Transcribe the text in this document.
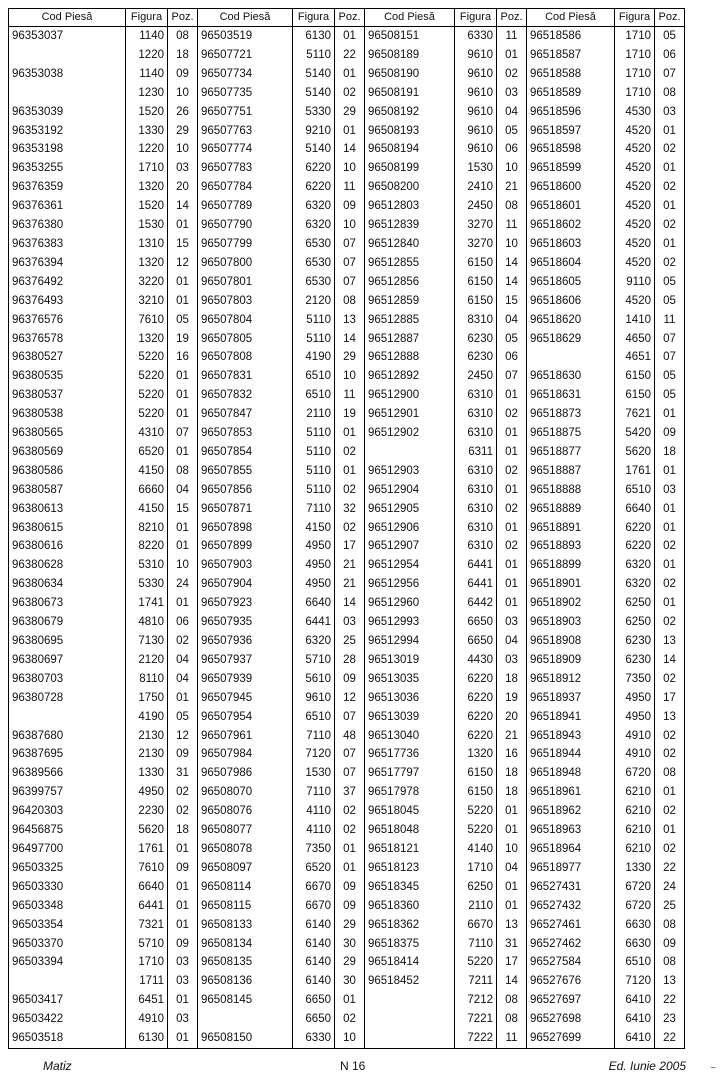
Cod Piesă	Figura	Poz.	Cod Piesă	Figura	Poz.	Cod Piesă	Figura	Poz.	Cod Piesă	Figura	Poz.
96353037	1140	08	96503519	6130	01	96508151	6330	11	96518586	1710	05
	1220	18	96507721	5110	22	96508189	9610	01	96518587	1710	06
96353038	1140	09	96507734	5140	01	96508190	9610	02	96518588	1710	07
	1230	10	96507735	5140	02	96508191	9610	03	96518589	1710	08
96353039	1520	26	96507751	5330	29	96508192	9610	04	96518596	4530	03
96353192	1330	29	96507763	9210	01	96508193	9610	05	96518597	4520	01
96353198	1220	10	96507774	5140	14	96508194	9610	06	96518598	4520	02
96353255	1710	03	96507783	6220	10	96508199	1530	10	96518599	4520	01
96376359	1320	20	96507784	6220	11	96508200	2410	21	96518600	4520	02
96376361	1520	14	96507789	6320	09	96512803	2450	08	96518601	4520	01
96376380	1530	01	96507790	6320	10	96512839	3270	11	96518602	4520	02
96376383	1310	15	96507799	6530	07	96512840	3270	10	96518603	4520	01
96376394	1320	12	96507800	6530	07	96512855	6150	14	96518604	4520	02
96376492	3220	01	96507801	6530	07	96512856	6150	14	96518605	9110	05
96376493	3210	01	96507803	2120	08	96512859	6150	15	96518606	4520	05
96376576	7610	05	96507804	5110	13	96512885	8310	04	96518620	1410	11
96376578	1320	19	96507805	5110	14	96512887	6230	05	96518629	4650	07
96380527	5220	16	96507808	4190	29	96512888	6230	06		4651	07
96380535	5220	01	96507831	6510	10	96512892	2450	07	96518630	6150	05
96380537	5220	01	96507832	6510	11	96512900	6310	01	96518631	6150	05
96380538	5220	01	96507847	2110	19	96512901	6310	02	96518873	7621	01
96380565	4310	07	96507853	5110	01	96512902	6310	01	96518875	5420	09
96380569	6520	01	96507854	5110	02		6311	01	96518877	5620	18
96380586	4150	08	96507855	5110	01	96512903	6310	02	96518887	1761	01
96380587	6660	04	96507856	5110	02	96512904	6310	01	96518888	6510	03
96380613	4150	15	96507871	7110	32	96512905	6310	02	96518889	6640	01
96380615	8210	01	96507898	4150	02	96512906	6310	01	96518891	6220	01
96380616	8220	01	96507899	4950	17	96512907	6310	02	96518893	6220	02
96380628	5310	10	96507903	4950	21	96512954	6441	01	96518899	6320	01
96380634	5330	24	96507904	4950	21	96512956	6441	01	96518901	6320	02
96380673	1741	01	96507923	6640	14	96512960	6442	01	96518902	6250	01
96380679	4810	06	96507935	6441	03	96512993	6650	03	96518903	6250	02
96380695	7130	02	96507936	6320	25	96512994	6650	04	96518908	6230	13
96380697	2120	04	96507937	5710	28	96513019	4430	03	96518909	6230	14
96380703	8110	04	96507939	5610	09	96513035	6220	18	96518912	7350	02
96380728	1750	01	96507945	9610	12	96513036	6220	19	96518937	4950	17
	4190	05	96507954	6510	07	96513039	6220	20	96518941	4950	13
96387680	2130	12	96507961	7110	48	96513040	6220	21	96518943	4910	02
96387695	2130	09	96507984	7120	07	96517736	1320	16	96518944	4910	02
96389566	1330	31	96507986	1530	07	96517797	6150	18	96518948	6720	08
96399757	4950	02	96508070	7110	37	96517978	6150	18	96518961	6210	01
96420303	2230	02	96508076	4110	02	96518045	5220	01	96518962	6210	02
96456875	5620	18	96508077	4110	02	96518048	5220	01	96518963	6210	01
96497700	1761	01	96508078	7350	01	96518121	4140	10	96518964	6210	02
96503325	7610	09	96508097	6520	01	96518123	1710	04	96518977	1330	22
96503330	6640	01	96508114	6670	09	96518345	6250	01	96527431	6720	24
96503348	6441	01	96508115	6670	09	96518360	2110	01	96527432	6720	25
96503354	7321	01	96508133	6140	29	96518362	6670	13	96527461	6630	08
96503370	5710	09	96508134	6140	30	96518375	7110	31	96527462	6630	09
96503394	1710	03	96508135	6140	29	96518414	5220	17	96527584	6510	08
	1711	03	96508136	6140	30	96518452	7211	14	96527676	7120	13
96503417	6451	01	96508145	6650	01		7212	08	96527697	6410	22
96503422	4910	03		6650	02		7221	08	96527698	6410	23
96503518	6130	01	96508150	6330	10		7222	11	96527699	6410	22
Matiz	N 16	Ed. Iunie 2005 ~
